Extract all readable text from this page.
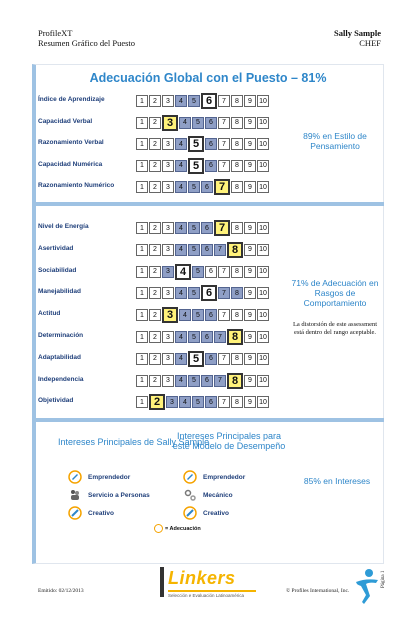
ProfileXT
Resumen Gráfico del Puesto
Sally Sample
CHEF
Adecuación Global con el Puesto – 81%
Índice de Aprendizaje	1	2	3	4	5 6	7	8	9	10
Capacidad Verbal	1	2 3	4	5	6	7	8	9	10
Razonamiento Verbal	1	2	3	4 5	6	7	8	9	10
Capacidad Numérica	1	2	3	4 5	6	7	8	9	10
Razonamiento Numérico	1	2	3	4	5	6 7	8	9	10
89% en Estilo de Pensamiento
Nivel de Energía	1	2	3	4	5	6 7	8	9	10
Asertividad	1	2	3	4	5	6	7 8	9	10
Sociabilidad	1	2	3 4	5	6	7	8	9	10
Manejabilidad	1	2	3	4	5 6	7	8	9	10
Actitud	1	2 3	4	5	6	7	8	9	10
Determinación	1	2	3	4	5	6	7 8	9	10
Adaptabilidad	1	2	3	4 5	6	7	8	9	10
Independencia	1	2	3	4	5	6	7 8	9	10
Objetividad	1 2	3	4	5	6	7	8	9	10
71% de Adecuación en Rasgos de Comportamiento
La distorsión de este assessment está dentro del rango aceptable.
Intereses Principales de Sally Sample
Intereses Principales para este Modelo de Desempeño
Emprendedor
Servicio a Personas
Creativo
Emprendedor
Mecánico
Creativo
= Adecuación
85% en Intereses
Emitido: 02/12/2013
Linkers
Selección e Evaluación Latinoamérica
© Profiles International, Inc.
Página 1
